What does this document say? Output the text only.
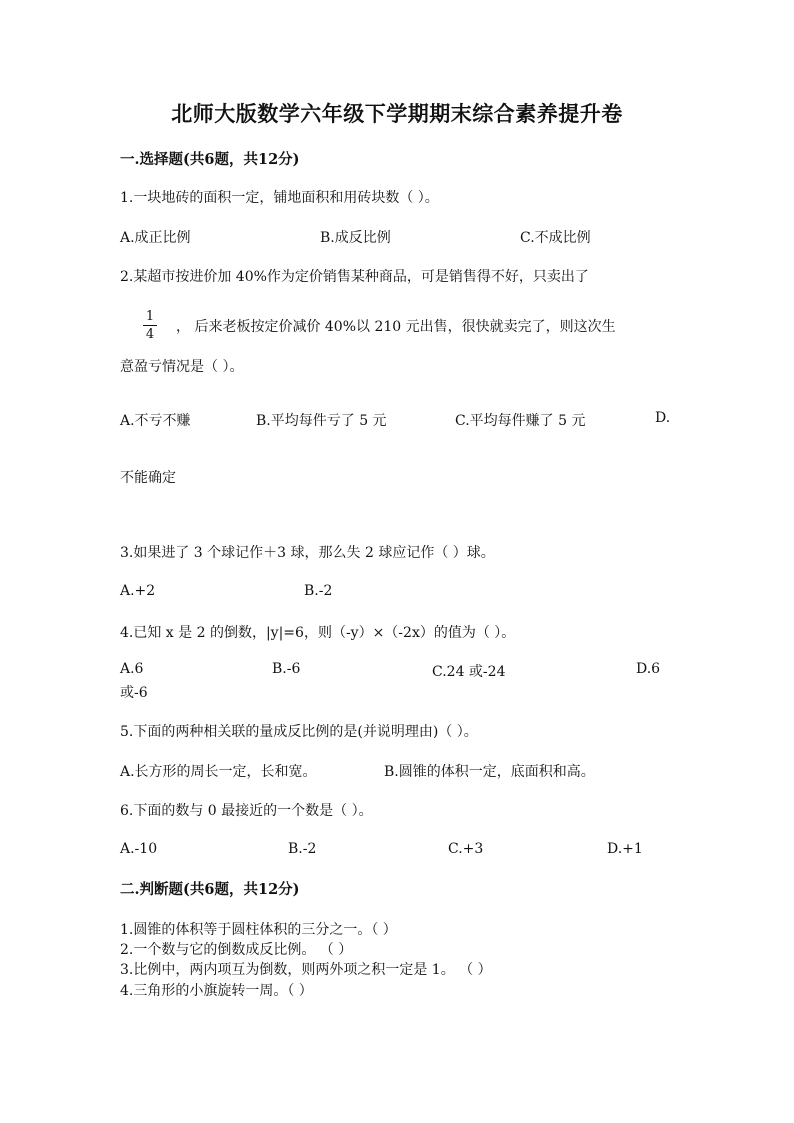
北师大版数学六年级下学期期末综合素养提升卷
一.选择题(共6题，共12分)
1.一块地砖的面积一定，铺地面积和用砖块数（ ）。
A.成正比例	B.成反比例	C.不成比例
2.某超市按进价加 40%作为定价销售某种商品，可是销售得不好，只卖出了
1
4 ， 后来老板按定价减价 40%以 210 元出售，很快就卖完了，则这次生
意盈亏情况是（ ）。
A.不亏不赚	B.平均每件亏了 5 元	C.平均每件赚了 5 元	D.
不能确定
3.如果进了 3 个球记作＋3 球，那么失 2 球应记作（ ）球。
A.+2	B.-2
4.已知 x 是 2 的倒数，|y|=6，则（-y）×（-2x）的值为（ ）。
A.6	B.-6	C.24 或-24	D.6
或-6
5.下面的两种相关联的量成反比例的是(并说明理由)（ ）。
A.长方形的周长一定，长和宽。	B.圆锥的体积一定，底面积和高。
6.下面的数与 0 最接近的一个数是（ ）。
A.-10	B.-2	C.+3	D.+1
二.判断题(共6题，共12分)
1.圆锥的体积等于圆柱体积的三分之一。（ ）
2.一个数与它的倒数成反比例。 （ ）
3.比例中，两内项互为倒数，则两外项之积一定是 1。 （ ）
4.三角形的小旗旋转一周。（ ）
